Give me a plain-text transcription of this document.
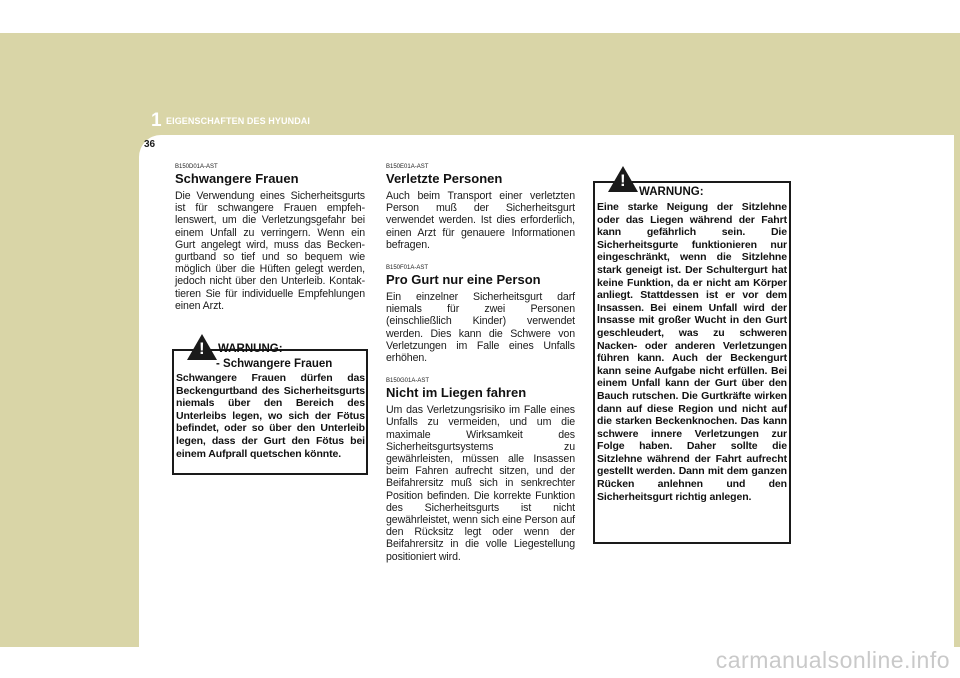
1 EIGENSCHAFTEN DES HYUNDAI
36
B150D01A-AST
Schwangere Frauen
Die Verwendung eines Sicherheitsgurts ist für schwangere Frauen empfeh-lenswert, um die Verletzungsgefahr bei einem Unfall zu verringern. Wenn ein Gurt angelegt wird, muss das Becken-gurtband so tief und so bequem wie möglich über die Hüften gelegt werden, jedoch nicht über den Unterleib. Kontak-tieren Sie für individuelle Empfehlungen einen Arzt.
! WARNUNG:
- Schwangere Frauen
Schwangere Frauen dürfen das Beckengurtband des Sicherheitsgurts niemals über den Bereich des Unterleibs legen, wo sich der Fötus befindet, oder so über den Unterleib legen, dass der Gurt den Fötus bei einem Aufprall quetschen könnte.
B150E01A-AST
Verletzte Personen
Auch beim Transport einer verletzten Person muß der Sicherheitsgurt verwendet werden. Ist dies erforderlich, einen Arzt für genauere Informationen befragen.
B150F01A-AST
Pro Gurt nur eine Person
Ein einzelner Sicherheitsgurt darf niemals für zwei Personen (einschließlich Kinder) verwendet werden. Dies kann die Schwere von Verletzungen im Falle eines Unfalls erhöhen.
B150G01A-AST
Nicht im Liegen fahren
Um das Verletzungsrisiko im Falle eines Unfalls zu vermeiden, und um die maximale Wirksamkeit des Sicherheitsgurtsystems zu gewährleisten, müssen alle Insassen beim Fahren aufrecht sitzen, und der Beifahrersitz muß sich in senkrechter Position befinden. Die korrekte Funktion des Sicherheitsgurts ist nicht gewährleistet, wenn sich eine Person auf den Rücksitz legt oder wenn der Beifahrersitz in die volle Liegestellung positioniert wird.
!
WARNUNG:
Eine starke Neigung der Sitzlehne oder das Liegen während der Fahrt kann gefährlich sein. Die Sicherheitsgurte funktionieren nur eingeschränkt, wenn die Sitzlehne stark geneigt ist. Der Schultergurt hat keine Funktion, da er nicht am Körper anliegt. Stattdessen ist er vor dem Insassen. Bei einem Unfall wird der Insasse mit großer Wucht in den Gurt geschleudert, was zu schweren Nacken- oder anderen Verletzungen führen kann. Auch der Beckengurt kann seine Aufgabe nicht erfüllen. Bei einem Unfall kann der Gurt über den Bauch rutschen. Die Gurtkräfte wirken dann auf diese Region und nicht auf die starken Beckenknochen. Das kann schwere innere Verletzungen zur Folge haben. Daher sollte die Sitzlehne während der Fahrt aufrecht gestellt werden. Dann mit dem ganzen Rücken anlehnen und den Sicherheitsgurt richtig anlegen.
carmanualsonline.info
